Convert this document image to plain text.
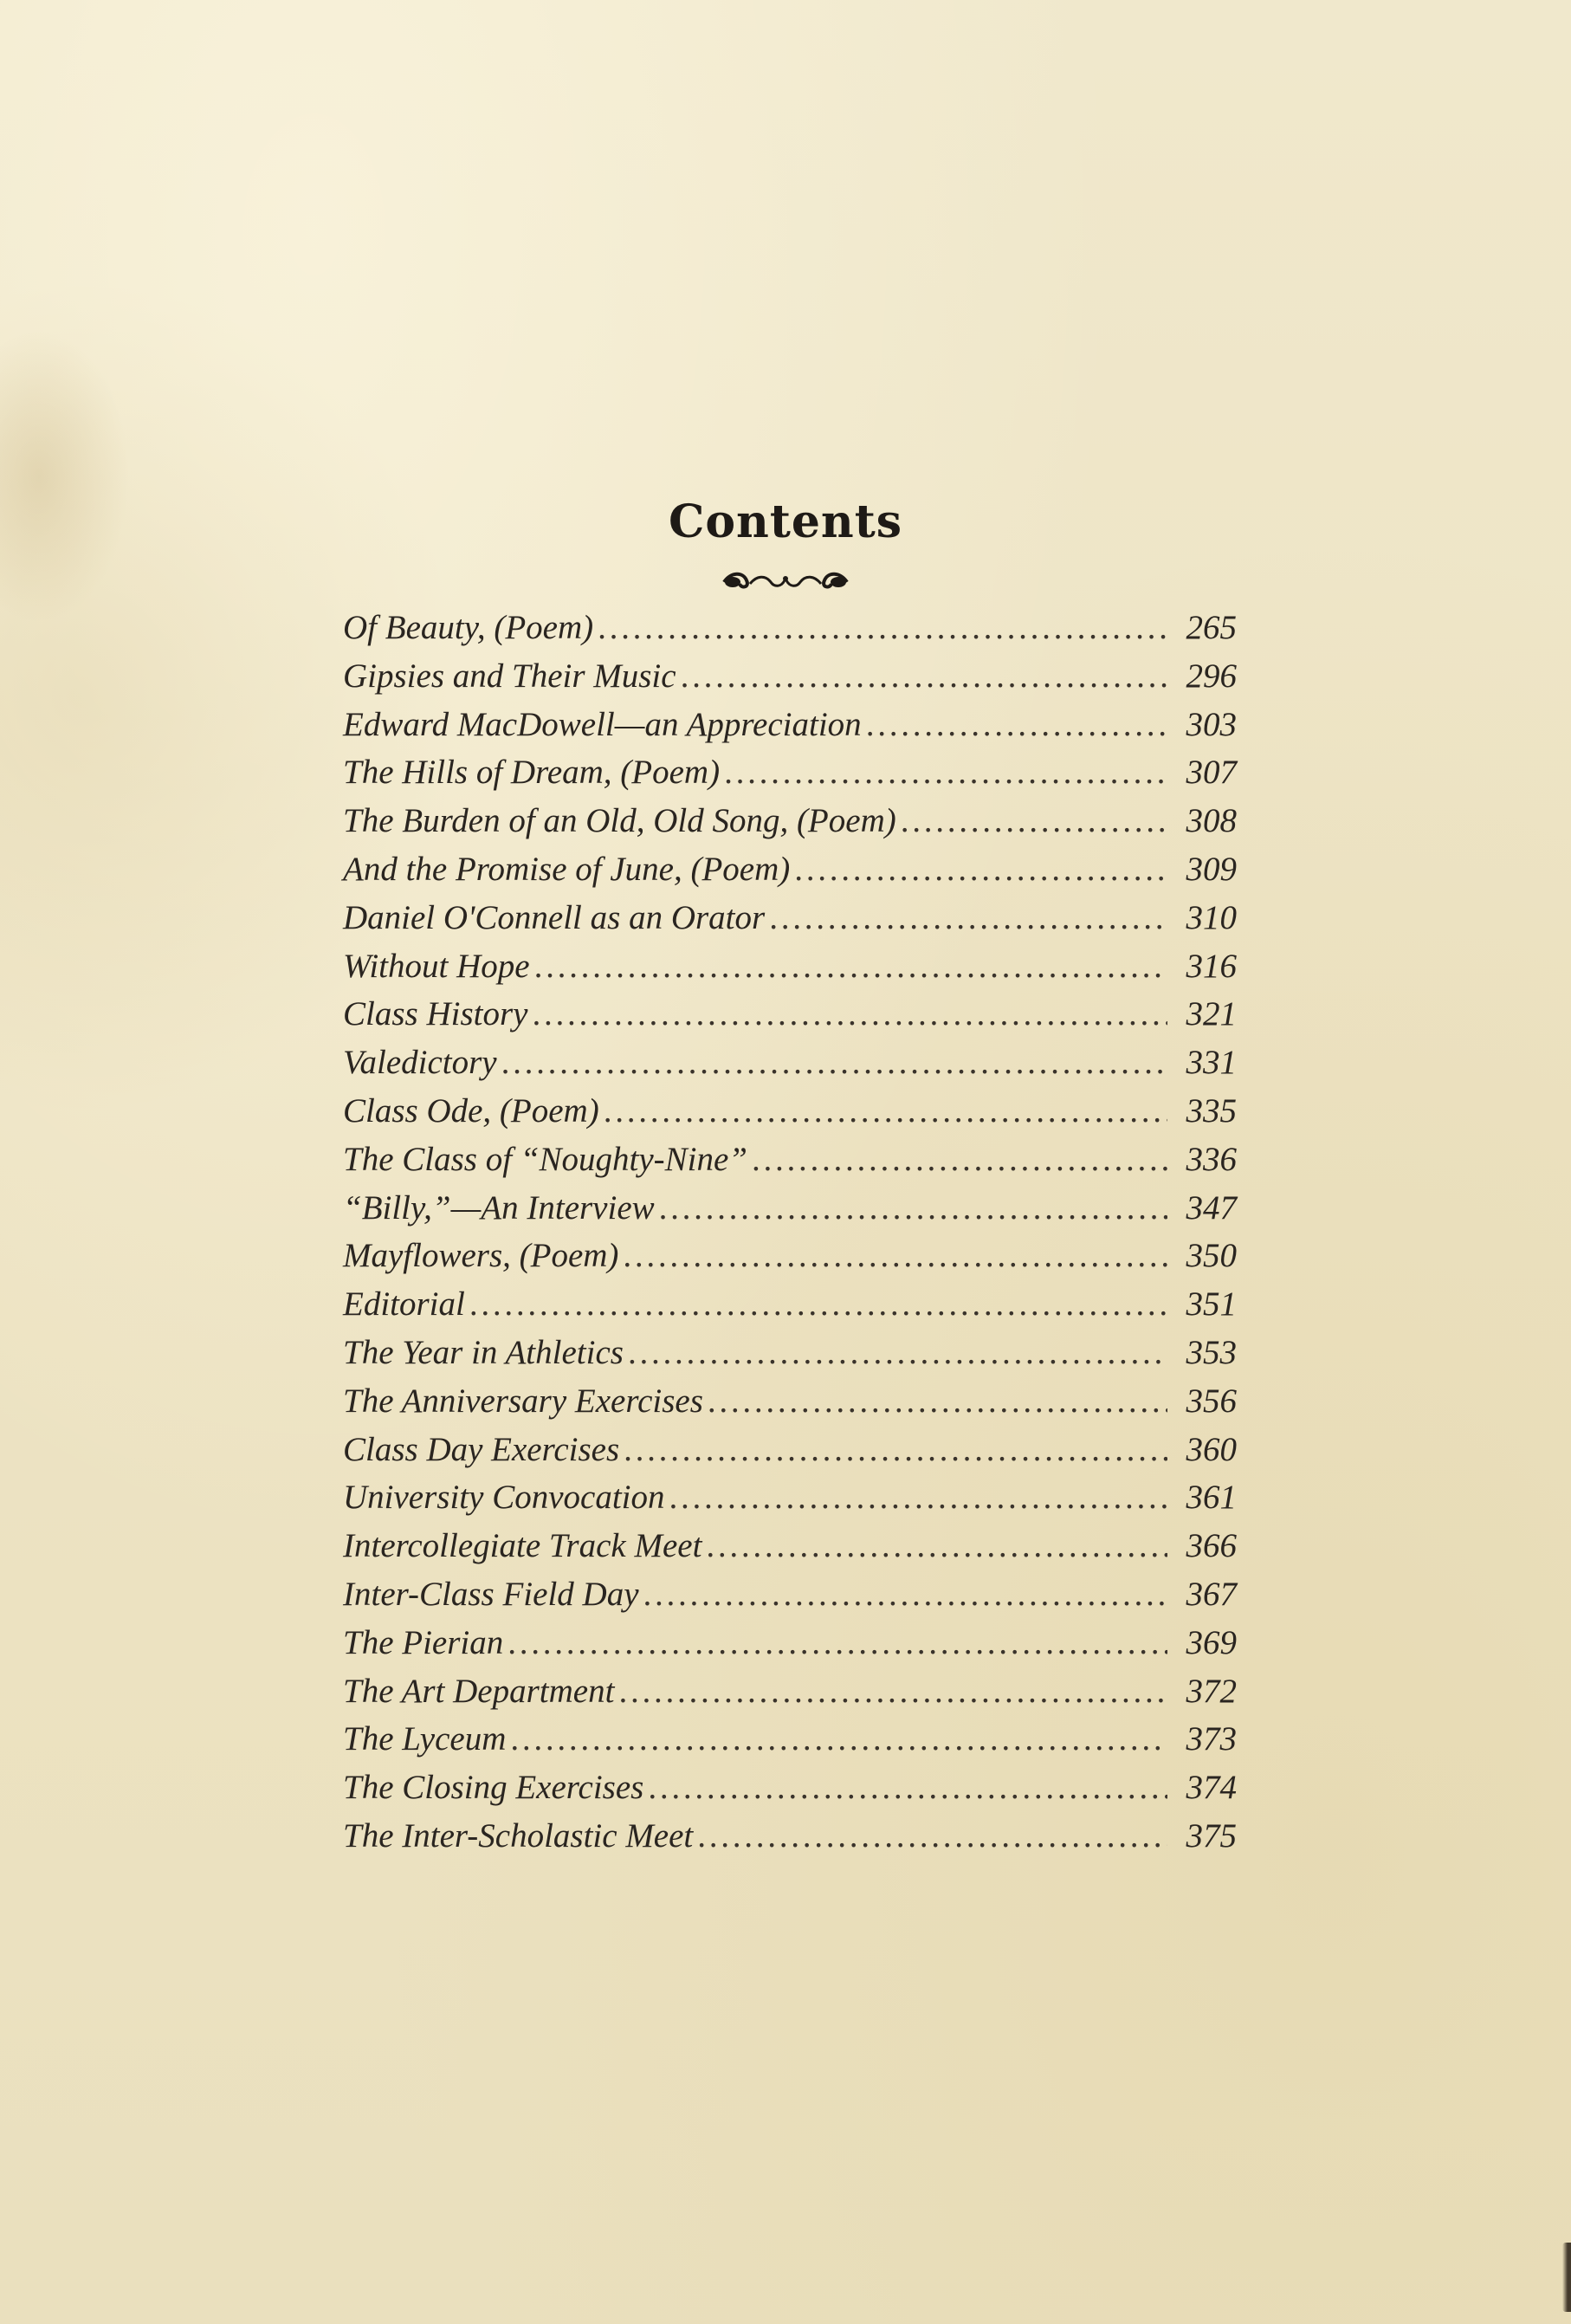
Contents
Of Beauty, (Poem) . . .	265
Gipsies and Their Music . . .	296
Edward MacDowell—an Appreciation . . .	303
The Hills of Dream, (Poem) . . .	307
The Burden of an Old, Old Song, (Poem) . . .	308
And the Promise of June, (Poem) . . .	309
Daniel O'Connell as an Orator . . .	310
Without Hope . . .	316
Class History . . .	321
Valedictory . . .	331
Class Ode, (Poem) . . .	335
The Class of “Noughty-Nine” . . .	336
“Billy,”—An Interview . . .	347
Mayflowers, (Poem) . . .	350
Editorial . . .	351
The Year in Athletics . . .	353
The Anniversary Exercises . . .	356
Class Day Exercises . . .	360
University Convocation . . .	361
Intercollegiate Track Meet . . .	366
Inter-Class Field Day . . .	367
The Pierian . . .	369
The Art Department . . .	372
The Lyceum . . .	373
The Closing Exercises . . .	374
The Inter-Scholastic Meet . . .	375
